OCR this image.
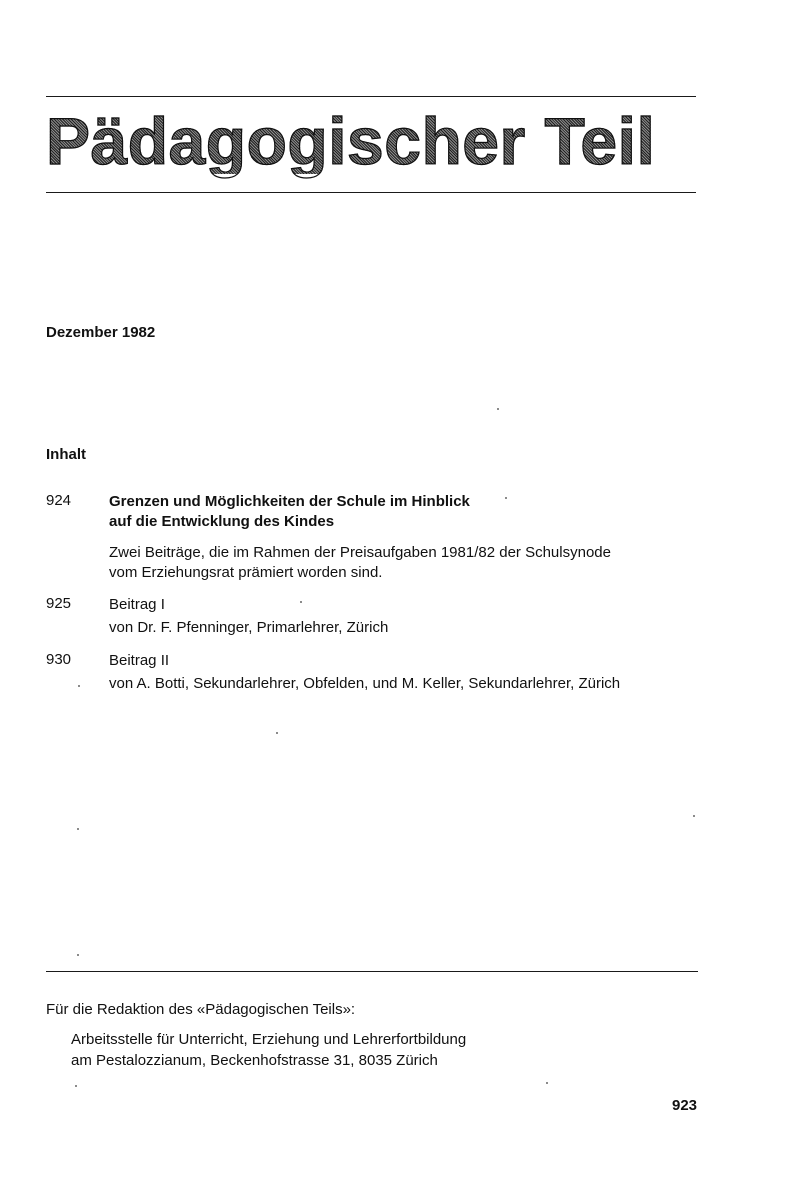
Pädagogischer Teil
Dezember 1982
Inhalt
924	Grenzen und Möglichkeiten der Schule im Hinblick
auf die Entwicklung des Kindes
Zwei Beiträge, die im Rahmen der Preisaufgaben 1981/82 der Schulsynode
vom Erziehungsrat prämiert worden sind.
925	Beitrag I
von Dr. F. Pfenninger, Primarlehrer, Zürich
930	Beitrag II
von A. Botti, Sekundarlehrer, Obfelden, und M. Keller, Sekundarlehrer, Zürich
Für die Redaktion des «Pädagogischen Teils»:
Arbeitsstelle für Unterricht, Erziehung und Lehrerfortbildung
am Pestalozzianum, Beckenhofstrasse 31, 8035 Zürich
923
